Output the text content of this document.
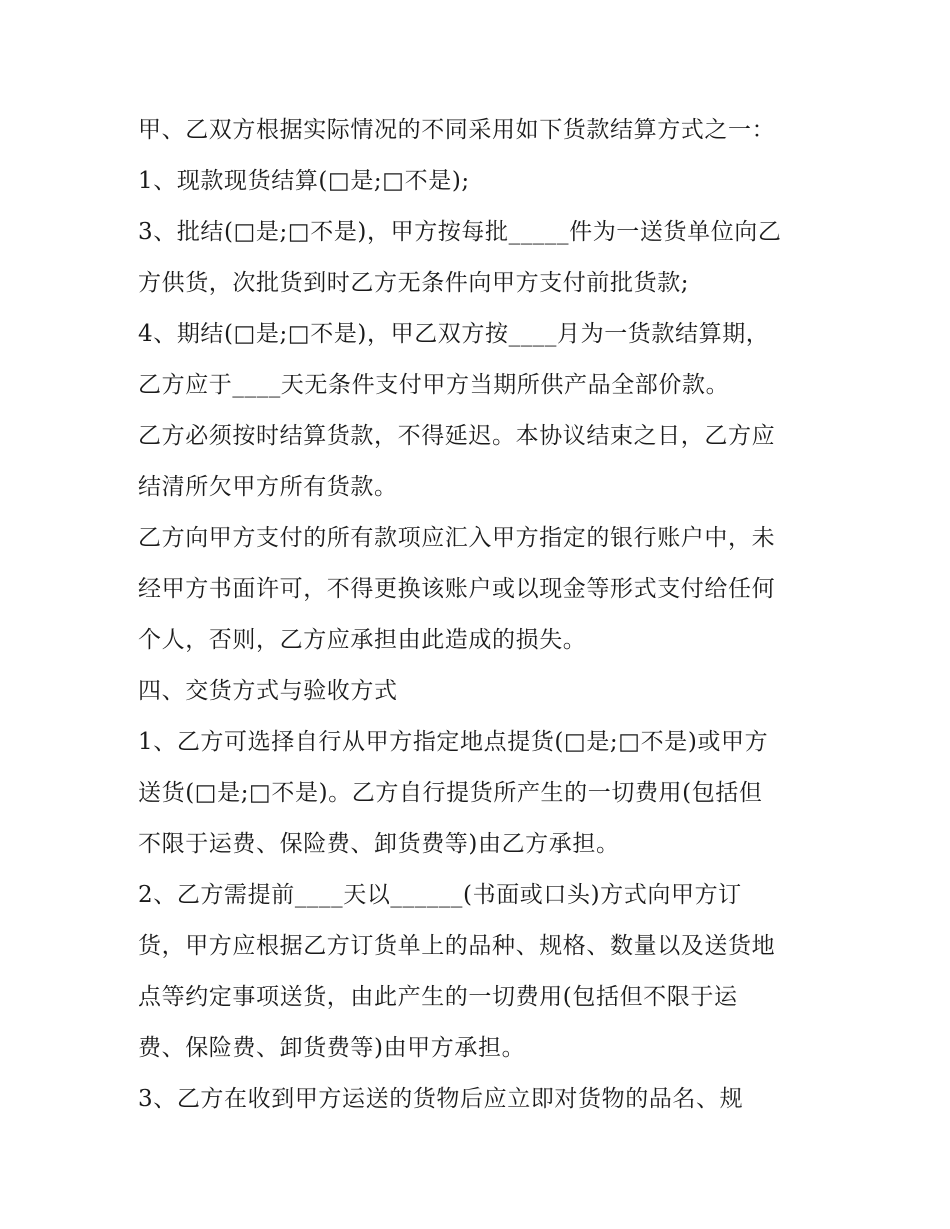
甲、乙双方根据实际情况的不同采用如下货款结算方式之一：
1、现款现货结算(□是;□不是);
3、批结(□是;□不是)，甲方按每批_____件为一送货单位向乙
方供货，次批货到时乙方无条件向甲方支付前批货款;
4、期结(□是;□不是)，甲乙双方按____月为一货款结算期，
乙方应于____天无条件支付甲方当期所供产品全部价款。
乙方必须按时结算货款，不得延迟。本协议结束之日，乙方应
结清所欠甲方所有货款。
乙方向甲方支付的所有款项应汇入甲方指定的银行账户中，未
经甲方书面许可，不得更换该账户或以现金等形式支付给任何
个人，否则，乙方应承担由此造成的损失。
四、交货方式与验收方式
1、乙方可选择自行从甲方指定地点提货(□是;□不是)或甲方
送货(□是;□不是)。乙方自行提货所产生的一切费用(包括但
不限于运费、保险费、卸货费等)由乙方承担。
2、乙方需提前____天以______(书面或口头)方式向甲方订
货，甲方应根据乙方订货单上的品种、规格、数量以及送货地
点等约定事项送货，由此产生的一切费用(包括但不限于运
费、保险费、卸货费等)由甲方承担。
3、乙方在收到甲方运送的货物后应立即对货物的品名、规
